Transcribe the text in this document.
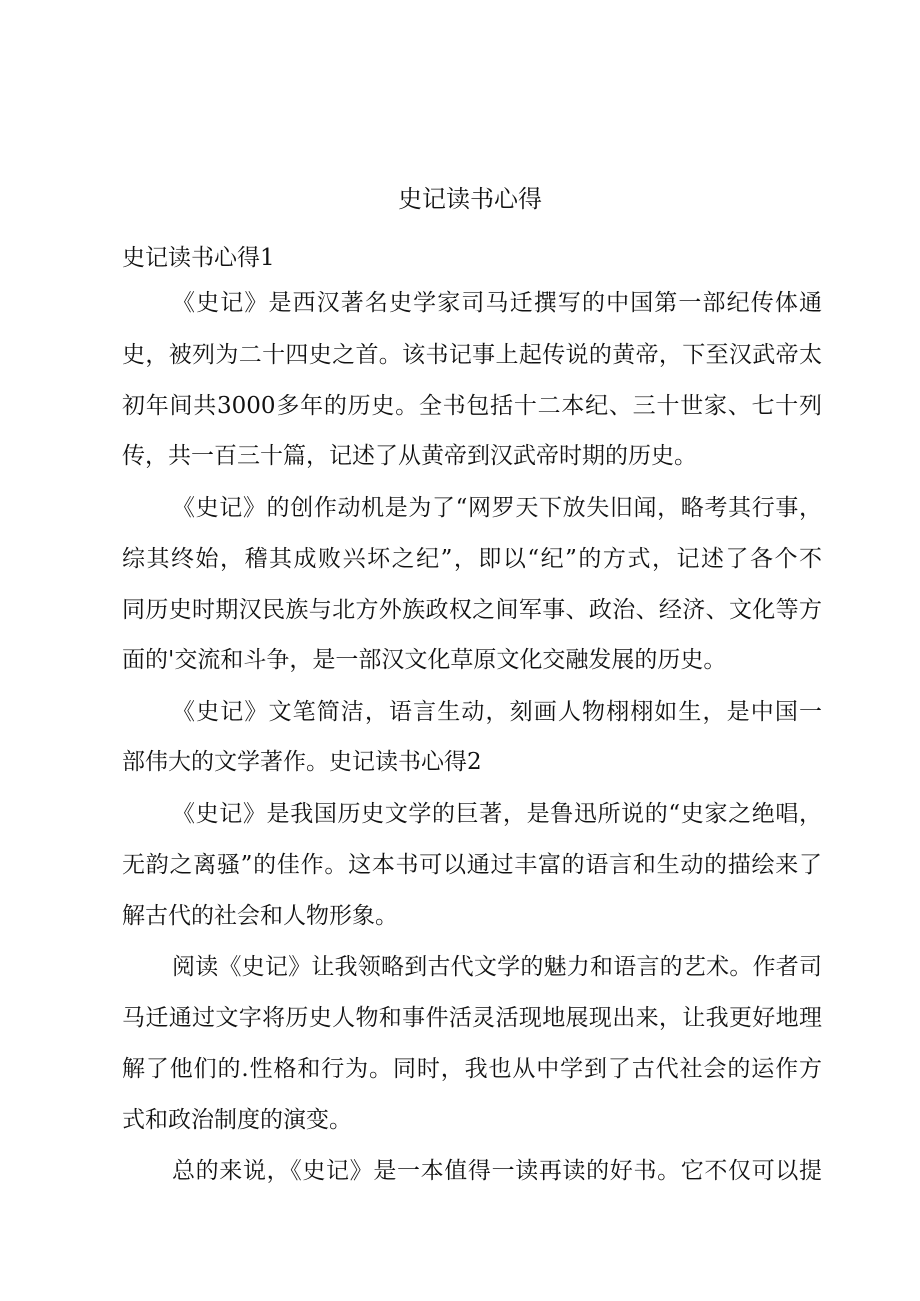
史记读书心得
史记读书心得1
《史记》是西汉著名史学家司马迁撰写的中国第一部纪传体通
史，被列为二十四史之首。该书记事上起传说的黄帝，下至汉武帝太
初年间共3000多年的历史。全书包括十二本纪、三十世家、七十列
传，共一百三十篇，记述了从黄帝到汉武帝时期的历史。
《史记》的创作动机是为了“网罗天下放失旧闻，略考其行事，
综其终始，稽其成败兴坏之纪”，即以“纪”的方式，记述了各个不
同历史时期汉民族与北方外族政权之间军事、政治、经济、文化等方
面的'交流和斗争，是一部汉文化草原文化交融发展的历史。
《史记》文笔简洁，语言生动，刻画人物栩栩如生，是中国一
部伟大的文学著作。史记读书心得2
《史记》是我国历史文学的巨著，是鲁迅所说的“史家之绝唱，
无韵之离骚”的佳作。这本书可以通过丰富的语言和生动的描绘来了
解古代的社会和人物形象。
阅读《史记》让我领略到古代文学的魅力和语言的艺术。作者司
马迁通过文字将历史人物和事件活灵活现地展现出来，让我更好地理
解了他们的.性格和行为。同时，我也从中学到了古代社会的运作方
式和政治制度的演变。
总的来说，《史记》是一本值得一读再读的好书。它不仅可以提
